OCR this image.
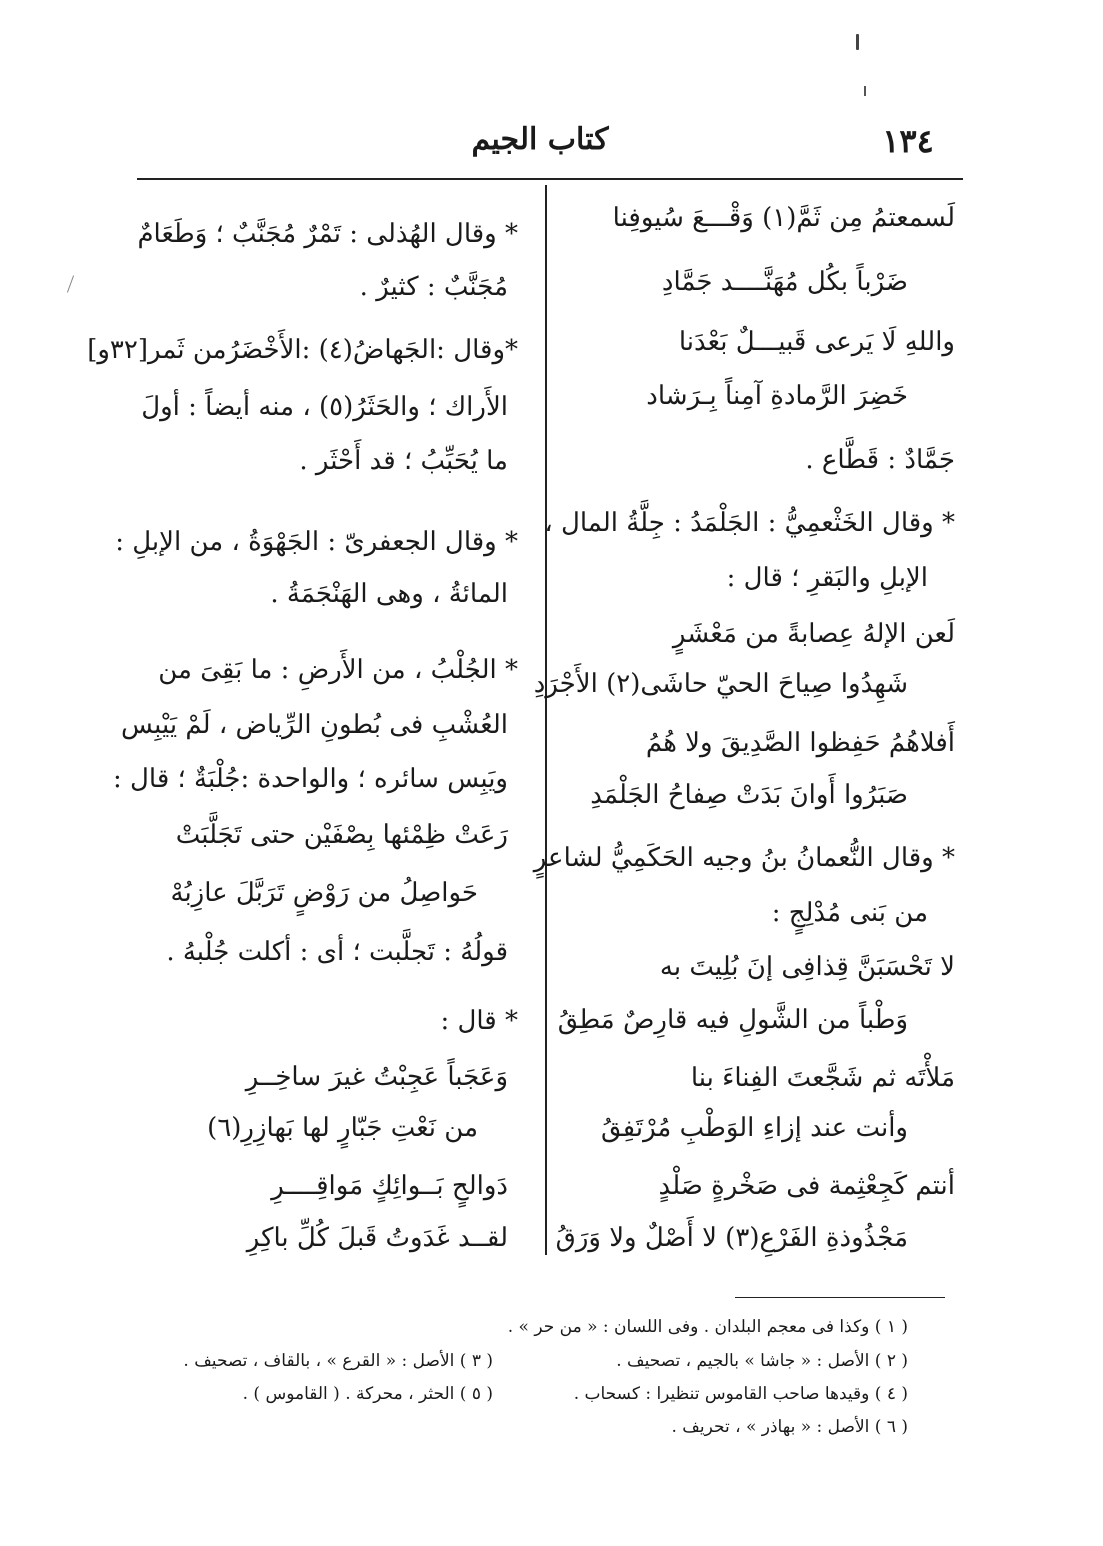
كتاب الجيم	١٣٤
لَسمعتمُ مِن ثَمَّ(١) وَقْـــعَ سُيوفِنا
ضَرْباً بكُل مُهَنَّــــد جَمَّادِ
واللهِ لَا يَرعى قَبيـــلٌ بَعْدَنا
خَضِرَ الرَّمادةِ آمِناً بِـرَشاد
جَمَّادٌ : قَطَّاع .
* وقال الخَثْعمِيُّ : الجَلْمَدُ : جِلَّةُ المال ،
الإبلِ والبَقرِ ؛ قال :
لَعن الإلهُ عِصابةً من مَعْشَرٍ
شَهِدُوا صِياحَ الحيّ حاشَى(٢) الأَجْرَدِ
أَفلاهُمُ حَفِظوا الصَّدِيقَ ولا هُمُ
صَبَرُوا أَوانَ بَدَتْ صِفاحُ الجَلْمَدِ
* وقال النُّعمانُ بنُ وجيه الحَكَمِيُّ لشاعرٍ
من بَنى مُدْلِجٍ :
لا تَحْسَبَنَّ قِذافِى إنَ بُلِيتَ به
وَطْباً من الشَّولِ فيه قارِصٌ مَطِقُ
مَلأْتَه ثم شَجَّعتَ الفِناءَ بنا
وأنت عند إزاءِ الوَطْبِ مُرْتَفِقُ
أنتم كَجِعْثِمة فى صَخْرةٍ صَلْدٍ
مَجْذُوذةِ الفَرْعِ(٣) لا أَصْلٌ ولا وَرَقُ
* وقال الهُذلى : تَمْرٌ مُجَنَّبٌ ؛ وَطَعَامٌ
مُجَنَّبٌ : كثيرٌ .
*وقال :الجَهاضُ(٤) :الأَخْضَرُمن ثَمر[٣٢و]
الأَراك ؛ والحَثَرُ(٥) ، منه أيضاً : أولَ
ما يُحَبِّبُ ؛ قد أَحْثَر .
* وقال الجعفرىّ : الجَهْوَةُ ، من الإبلِ :
المائةُ ، وهى الهَنْجَمَةُ .
* الجُلْبُ ، من الأَرضِ : ما بَقِىَ من
العُشْبِ فى بُطونِ الرِّياض ، لَمْ يَيْبِس
ويَبِس سائره ؛ والواحدة :جُلْبَةٌ ؛ قال :
رَعَتْ ظِمْئها بِصْفَيْن حتى تَجَلَّبَتْ
حَواصِلُ من رَوْضٍ تَرَبَّلَ عازِبُهْ
قولُهُ : تَجلَّبت ؛ أى : أكلت جُلْبهُ .
* قال :
وَعَجَباً عَجِبْتُ غيرَ ساخِــرِ
من نَعْتِ جَبّارٍ لها بَهازِرِ(٦)
دَوالحٍ بَــوائِكٍ مَواقِــــرِ
لقــد غَدَوتُ قَبلَ كُلِّ باكِرِ
( ١ ) وكذا فى معجم البلدان . وفى اللسان : « من حر » .
( ٢ ) الأصل : « جاشا » بالجيم ، تصحيف .
( ٤ ) وقيدها صاحب القاموس تنظيرا : كسحاب .
( ٦ ) الأصل : « بهاذر » ، تحريف .
( ٣ ) الأصل : « القرع » ، بالقاف ، تصحيف .
( ٥ ) الحثر ، محركة . ( القاموس ) .
